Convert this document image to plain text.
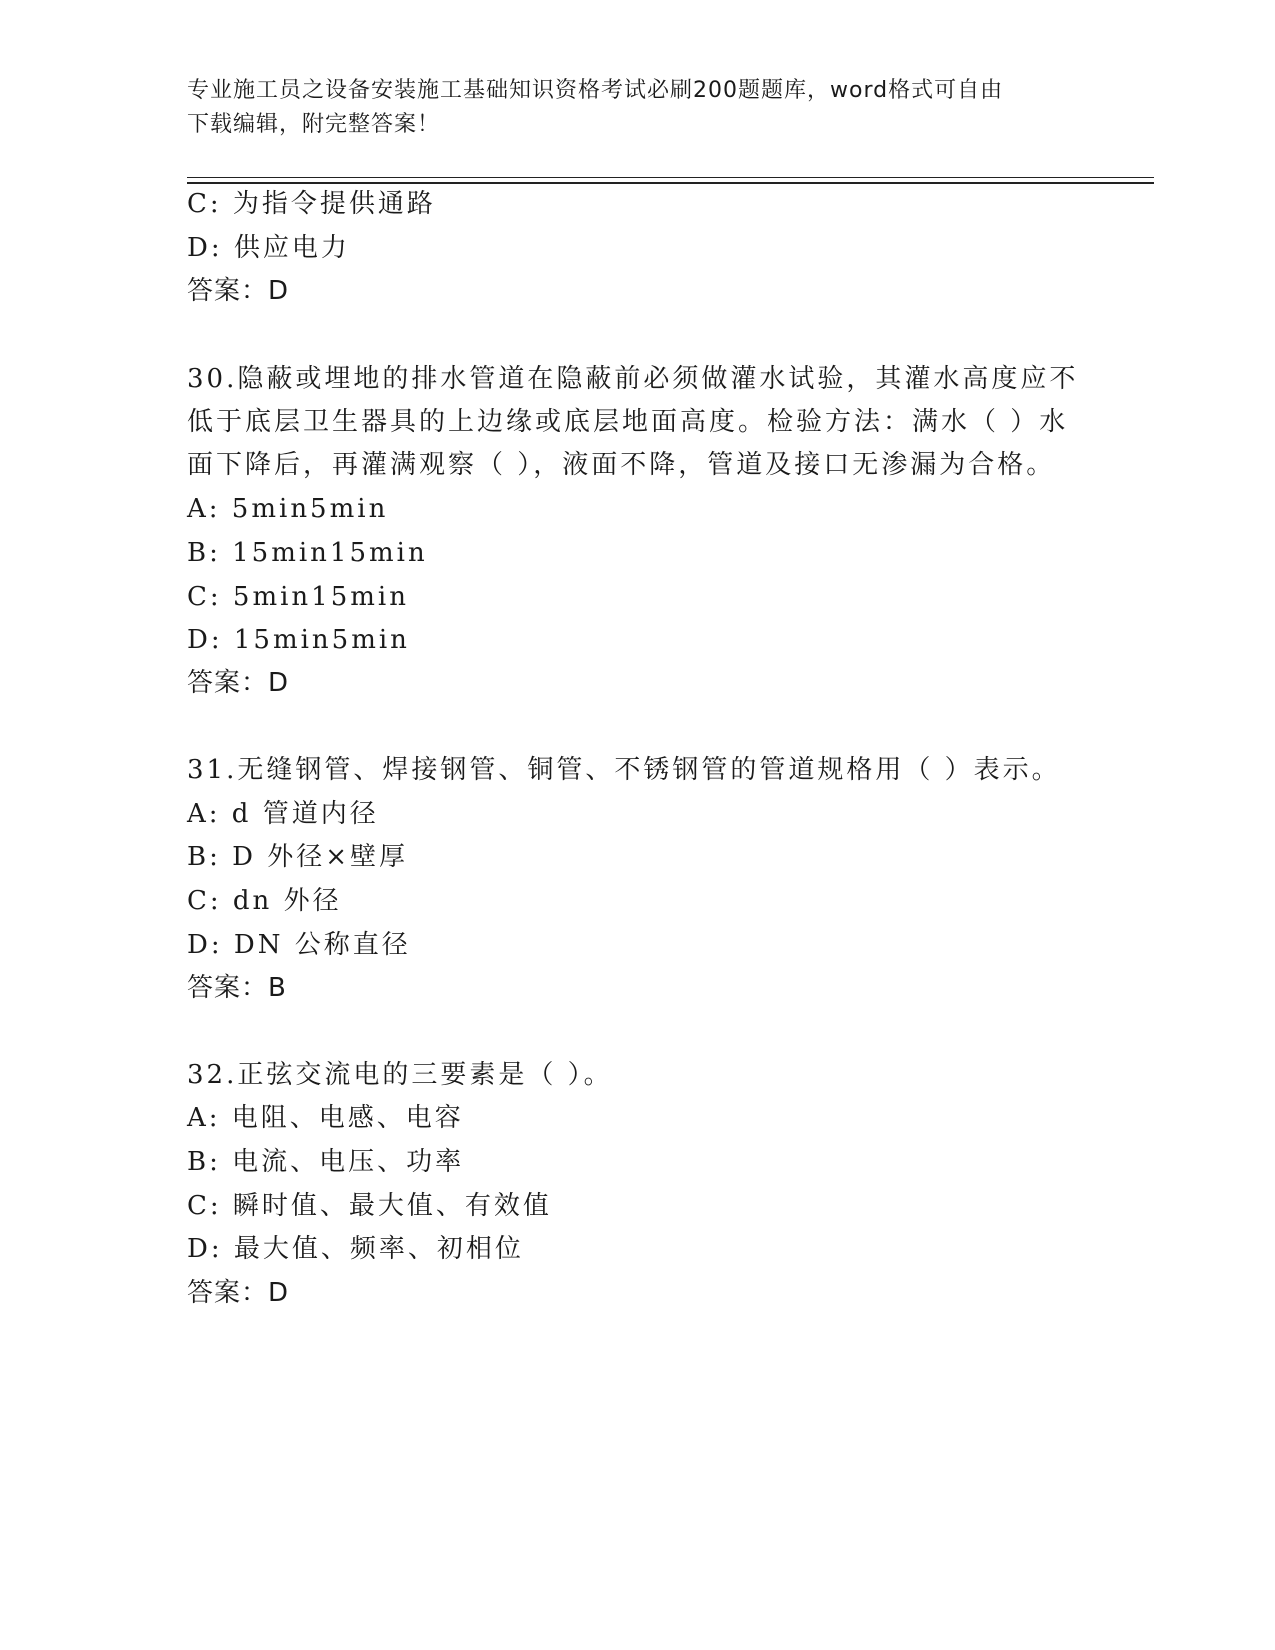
专业施工员之设备安装施工基础知识资格考试必刷200题题库，word格式可自由
下载编辑，附完整答案！
C: 为指令提供通路
D: 供应电力
答案：D
30.隐蔽或埋地的排水管道在隐蔽前必须做灌水试验，其灌水高度应不
低于底层卫生器具的上边缘或底层地面高度。检验方法：满水（ ）水
面下降后，再灌满观察（ ），液面不降，管道及接口无渗漏为合格。
A: 5min5min
B: 15min15min
C: 5min15min
D: 15min5min
答案：D
31.无缝钢管、焊接钢管、铜管、不锈钢管的管道规格用（ ）表示。
A: d 管道内径
B: D 外径×壁厚
C: dn 外径
D: DN 公称直径
答案：B
32.正弦交流电的三要素是（ ）。
A: 电阻、电感、电容
B: 电流、电压、功率
C: 瞬时值、最大值、有效值
D: 最大值、频率、初相位
答案：D
